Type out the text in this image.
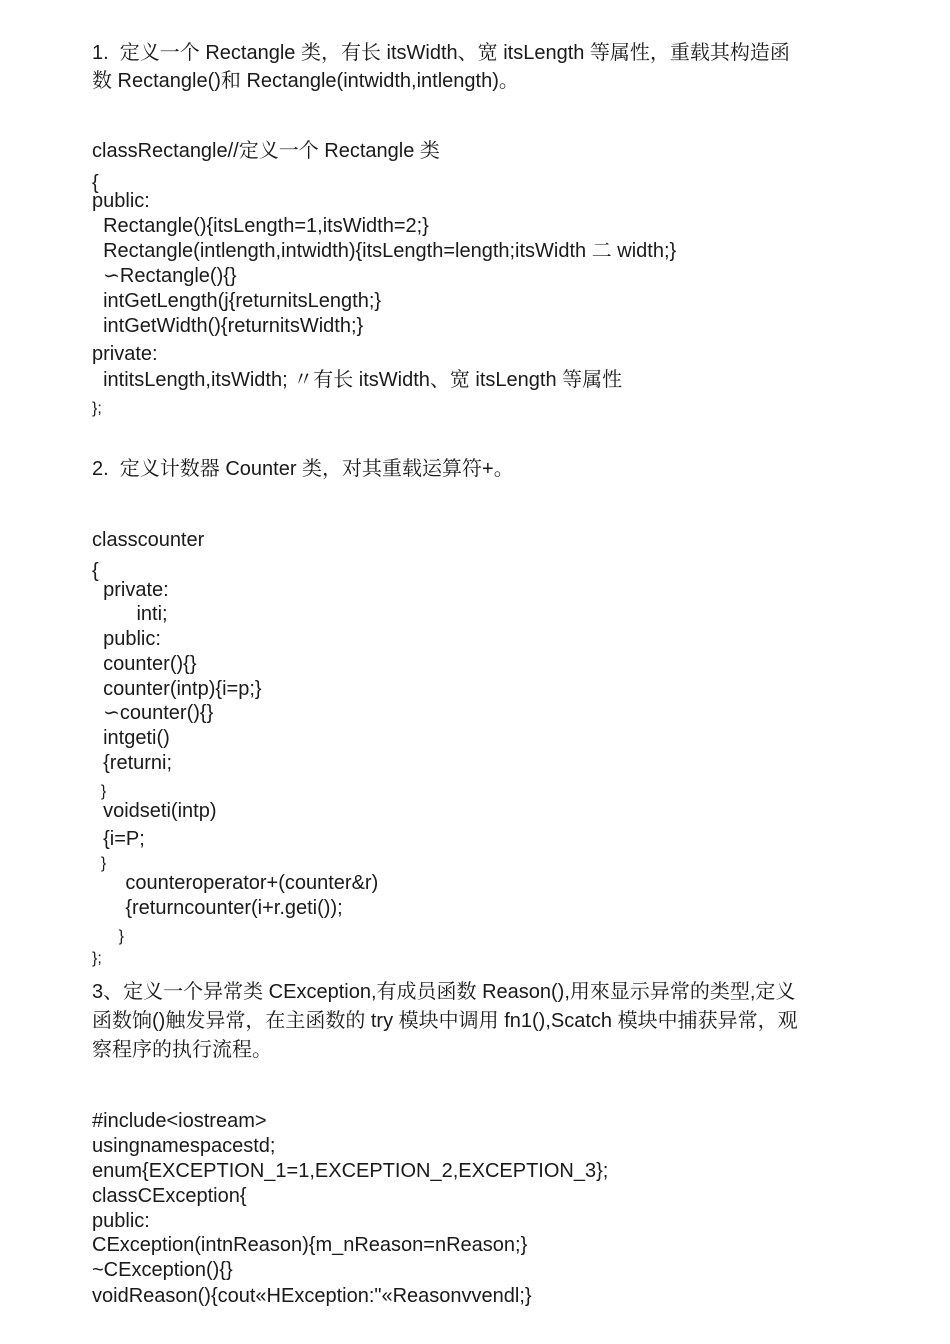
1.  定义一个 Rectangle 类，有长 itsWidth、宽 itsLength 等属性，重载其构造函
数 Rectangle()和 Rectangle(intwidth,intlength)。
classRectangle//定义一个 Rectangle 类
{
public:
Rectangle(){itsLength=1,itsWidth=2;}
Rectangle(intlength,intwidth){itsLength=length;itsWidth 二 width;}
∽Rectangle(){}
intGetLength(j{returnitsLength;}
intGetWidth(){returnitsWidth;}
private:
intitsLength,itsWidth; 〃有长 itsWidth、宽 itsLength 等属性
};
2.  定义计数器 Counter 类，对其重载运算符+。
classcounter
{
private:
inti;
public:
counter(){}
counter(intp){i=p;}
∽counter(){}
intgeti()
{returni;
}
voidseti(intp)
{i=P;
}
counteroperator+(counter&r)
{returncounter(i+r.geti());
}
};
3、定义一个异常类 CException,有成员函数 Reason(),用來显示异常的类型,定义
函数饷()触发异常，在主函数的 try 模块中调用 fn1(),Scatch 模块中捕获异常，观
察程序的执行流程。
#include<iostream>
usingnamespacestd;
enum{EXCEPTION_1=1,EXCEPTION_2,EXCEPTION_3};
classCException{
public:
CException(intnReason){m_nReason=nReason;}
~CException(){}
voidReason(){cout«HException:"«Reasonvvendl;}
